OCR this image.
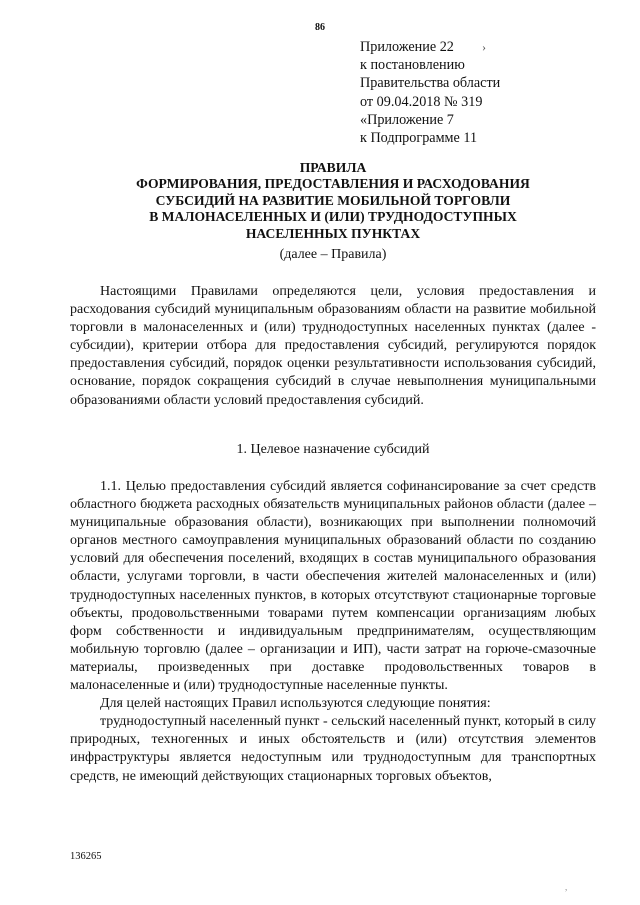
86
›
Приложение 22
к постановлению
Правительства области
от 09.04.2018 № 319
«Приложение 7
к Подпрограмме 11
ПРАВИЛА
ФОРМИРОВАНИЯ, ПРЕДОСТАВЛЕНИЯ И РАСХОДОВАНИЯ
СУБСИДИЙ НА РАЗВИТИЕ МОБИЛЬНОЙ ТОРГОВЛИ
В МАЛОНАСЕЛЕННЫХ И (ИЛИ) ТРУДНОДОСТУПНЫХ
НАСЕЛЕННЫХ ПУНКТАХ
(далее – Правила)

Настоящими Правилами определяются цели, условия предоставления и расходования субсидий муниципальным образованиям области на развитие мобильной торговли в малонаселенных и (или) труднодоступных населенных пунктах (далее - субсидии), критерии отбора для предоставления субсидий, регулируются порядок предоставления субсидий, порядок оценки результативности использования субсидий, основание, порядок сокращения субсидий в случае невыполнения муниципальными образованиями области условий предоставления субсидий.

1. Целевое назначение субсидий

1.1. Целью предоставления субсидий является софинансирование за счет средств областного бюджета расходных обязательств муниципальных районов области (далее – муниципальные образования области), возникающих при выполнении полномочий органов местного самоуправления муниципальных образований области по созданию условий для обеспечения поселений, входящих в состав муниципального образования области, услугами торговли, в части обеспечения жителей малонаселенных и (или) труднодоступных населенных пунктов, в которых отсутствуют стационарные торговые объекты, продовольственными товарами путем компенсации организациям любых форм собственности и индивидуальным предпринимателям, осуществляющим мобильную торговлю (далее – организации и ИП), части затрат на горюче-смазочные материалы, произведенных при доставке продовольственных товаров в малонаселенные и (или) труднодоступные населенные пункты.

Для целей настоящих Правил используются следующие понятия:

труднодоступный населенный пункт - сельский населенный пункт, который в силу природных, техногенных и иных обстоятельств и (или) отсутствия элементов инфраструктуры является недоступным или труднодоступным для транспортных средств, не имеющий действующих стационарных торговых объектов,

136265
,
